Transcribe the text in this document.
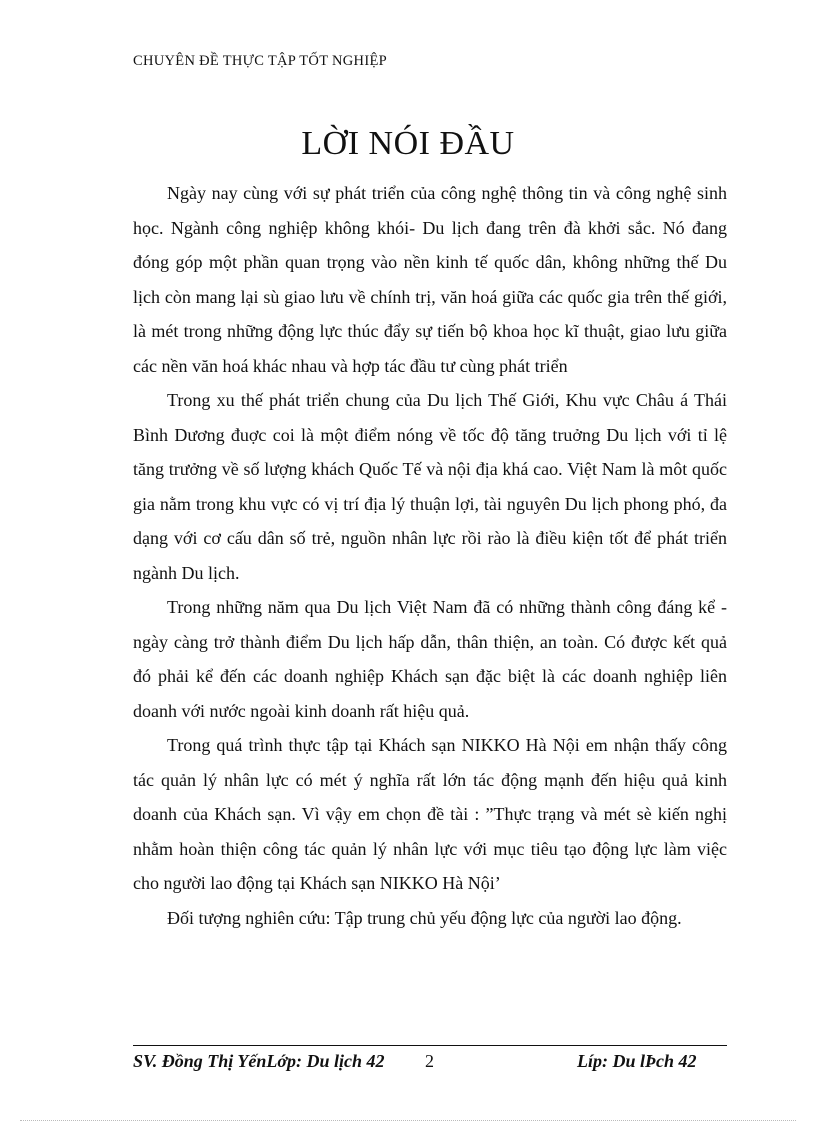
CHUYÊN ĐỀ THỰC TẬP TỐT NGHIỆP
LỜI NÓI ĐẦU

Ngày nay cùng với sự phát triển của công nghệ thông tin và công nghệ sinh học. Ngành công nghiệp không khói- Du lịch đang trên đà khởi sắc. Nó đang đóng góp một phần quan trọng vào nền kinh tế quốc dân, không những thế Du lịch còn mang lại sù giao lưu về chính trị, văn hoá giữa các quốc gia trên thế giới, là mét trong những động lực thúc đẩy sự tiến bộ khoa học kĩ thuật, giao lưu giữa các nền văn hoá khác nhau và hợp tác đầu tư cùng phát triển

Trong xu thế phát triển chung của Du lịch Thế Giới, Khu vực Châu á Thái Bình Dương đuợc coi là một điểm nóng về tốc độ tăng truởng Du lịch với tỉ lệ tăng trưởng về số lượng khách Quốc Tế và nội địa khá cao. Việt Nam là môt quốc gia nằm trong khu vực có vị trí địa lý thuận lợi, tài nguyên Du lịch phong phó, đa dạng với cơ cấu dân số trẻ, nguồn nhân lực rồi rào là điều kiện tốt để phát triển ngành Du lịch.

Trong những năm qua Du lịch Việt Nam đã có những thành công đáng kể - ngày càng trở thành điểm Du lịch hấp dẫn, thân thiện, an toàn. Có được kết quả đó phải kể đến các doanh nghiệp Khách sạn đặc biệt là các doanh nghiệp liên doanh với nước ngoài kinh doanh rất hiệu quả.

Trong quá trình thực tập tại Khách sạn NIKKO Hà Nội em nhận thấy công tác quản lý nhân lực có mét ý nghĩa rất lớn tác động mạnh đến hiệu quả kinh doanh của Khách sạn. Vì vậy em chọn đề tài : ”Thực trạng và mét sè kiến nghị nhằm hoàn thiện công tác quản lý nhân lực với mục tiêu tạo động lực làm việc cho người lao động tại Khách sạn NIKKO Hà Nội’

Đối tượng nghiên cứu: Tập trung chủ yếu động lực của người lao động.

SV. Đồng Thị YếnLớp: Du lịch 42 2	Líp: Du lÞch 42
